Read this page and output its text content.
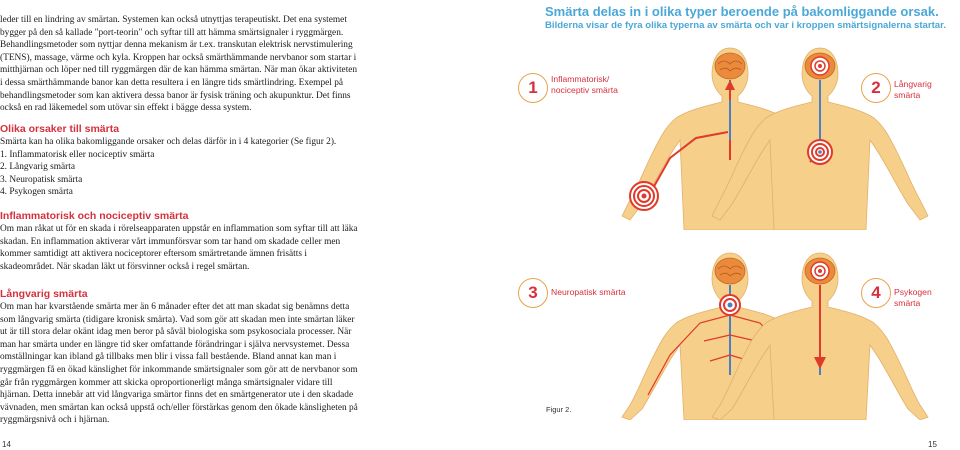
leder till en lindring av smärtan. Systemen kan också utnyttjas terapeutiskt. Det ena systemet

bygger på den så kallade "port-teorin" och syftar till att hämma smärtsignaler i ryggmärgen.

Behandlingsmetoder som nyttjar denna mekanism är t.ex. transkutan elektrisk nervstimulering

(TENS), massage, värme och kyla. Kroppen har också smärthämmande nervbanor som startar i

mitthjärnan och löper ned till ryggmärgen där de kan hämma smärtan. När man ökar aktiviteten

i dessa smärthämmande banor kan detta resultera i en längre tids smärtlindring. Exempel på

behandlingsmetoder som kan aktivera dessa banor är fysisk träning och akupunktur. Det finns

också en rad läkemedel som utövar sin effekt i bägge dessa system.

Olika orsaker till smärta

Smärta kan ha olika bakomliggande orsaker och delas därför in i 4 kategorier (Se figur 2).

1. Inflammatorisk eller nociceptiv smärta

2. Långvarig smärta

3. Neuropatisk smärta

4. Psykogen smärta

Inflammatorisk och nociceptiv smärta

Om man råkat ut för en skada i rörelseapparaten uppstår en inflammation som syftar till att läka

skadan. En inflammation aktiverar vårt immunförsvar som tar hand om skadade celler men

kommer samtidigt att aktivera nociceptorer eftersom smärtretande ämnen frisätts i

skadeområdet. När skadan läkt ut försvinner också i regel smärtan.

Långvarig smärta

Om man har kvarstående smärta mer än 6 månader efter det att man skadat sig benämns detta

som långvarig smärta (tidigare kronisk smärta). Vad som gör att skadan men inte smärtan läker

ut är till stora delar okänt idag men beror på såväl biologiska som psykosociala processer. När

man har smärta under en längre tid sker omfattande förändringar i själva nervsystemet. Dessa

omställningar kan ibland gå tillbaks men blir i vissa fall bestående. Bland annat kan man i

ryggmärgen få en ökad känslighet för inkommande smärtsignaler som gör att de nervbanor som

går från ryggmärgen kommer att skicka oproportionerligt många smärtsignaler vidare till

hjärnan. Detta innebär att vid långvariga smärtor finns det en smärtgenerator ute i den skadade

vävnaden, men smärtan kan också uppstå och/eller förstärkas genom den ökade känsligheten på

ryggmärgsnivå och i hjärnan.

14
Smärta delas in i olika typer beroende på bakomliggande orsak.
Bilderna visar de fyra olika typerna av smärta och var i kroppen smärtsignalerna startar.
1	Inflammatorisk/
nociceptiv smärta	2	Långvarig smärta
3	Neuropatisk smärta	4	Psykogen smärta
Figur 2.
15
